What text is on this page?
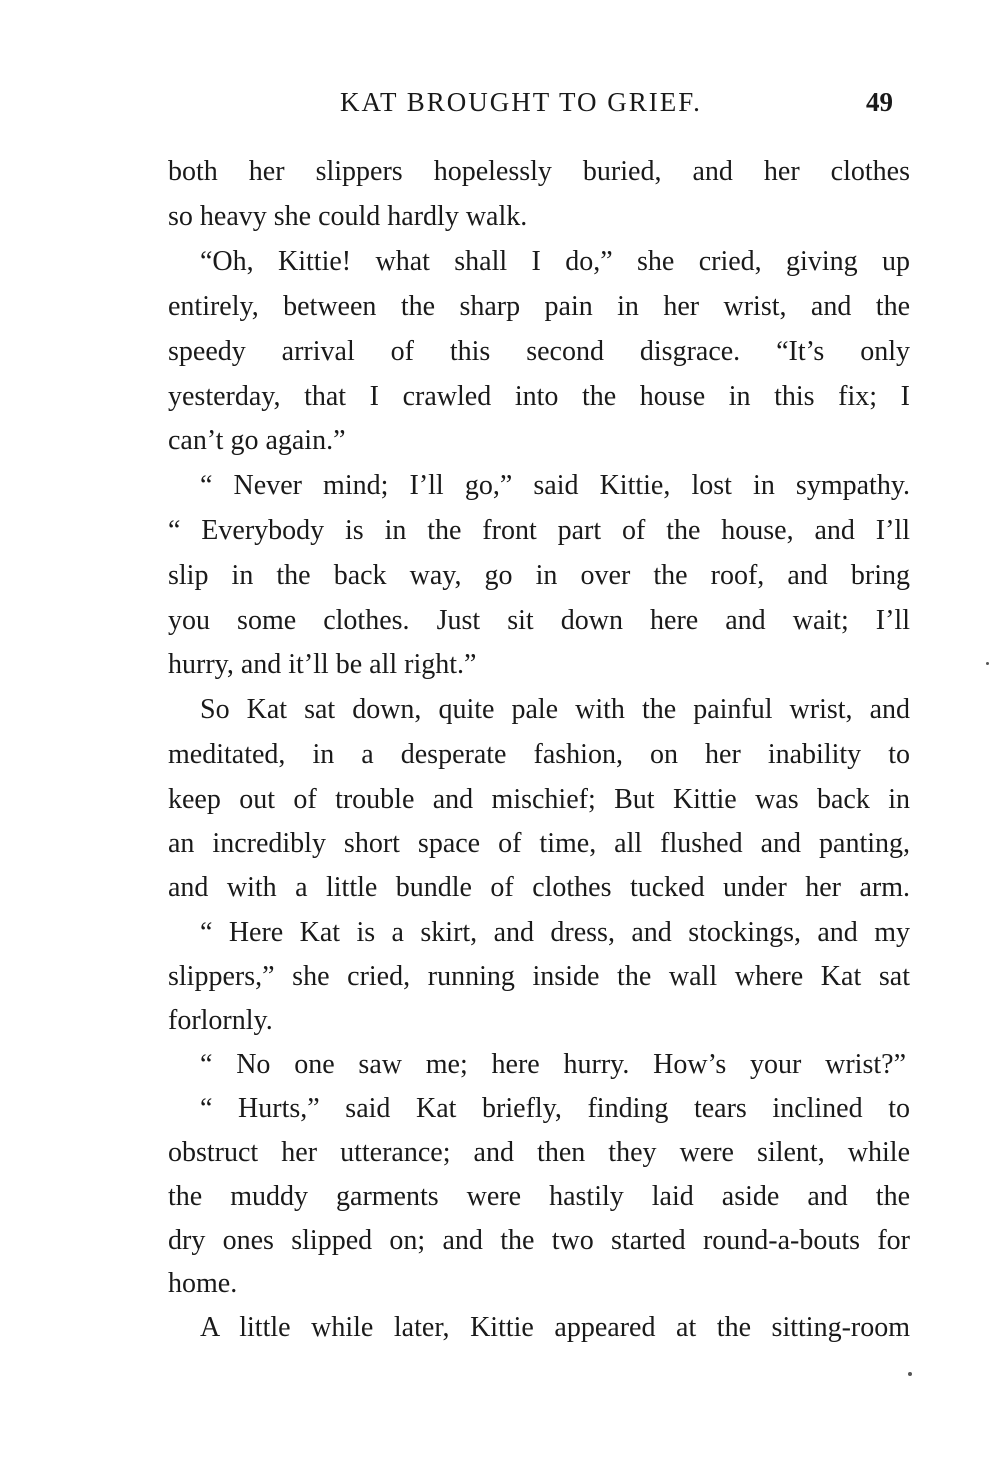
KAT BROUGHT TO GRIEF.	49
both her slippers hopelessly buried, and her clothes
so heavy she could hardly walk.
“Oh, Kittie! what shall I do,” she cried, giving up
entirely, between the sharp pain in her wrist, and the
speedy arrival of this second disgrace. “It’s only
yesterday, that I crawled into the house in this fix; I
can’t go again.”
“ Never mind; I’ll go,” said Kittie, lost in sympathy.
“ Everybody is in the front part of the house, and I’ll
slip in the back way, go in over the roof, and bring
you some clothes. Just sit down here and wait; I’ll
hurry, and it’ll be all right.”
So Kat sat down, quite pale with the painful wrist, and
meditated, in a desperate fashion, on her inability to
keep out of trouble and mischief; But Kittie was back in
an incredibly short space of time, all flushed and panting,
and with a little bundle of clothes tucked under her arm.
“ Here Kat is a skirt, and dress, and stockings, and my
slippers,” she cried, running inside the wall where Kat sat
forlornly.
“ No one saw me; here hurry. How’s your wrist?”
“ Hurts,” said Kat briefly, finding tears inclined to
obstruct her utterance; and then they were silent, while
the muddy garments were hastily laid aside and the
dry ones slipped on; and the two started round-a-bouts for
home.
A little while later, Kittie appeared at the sitting-room
